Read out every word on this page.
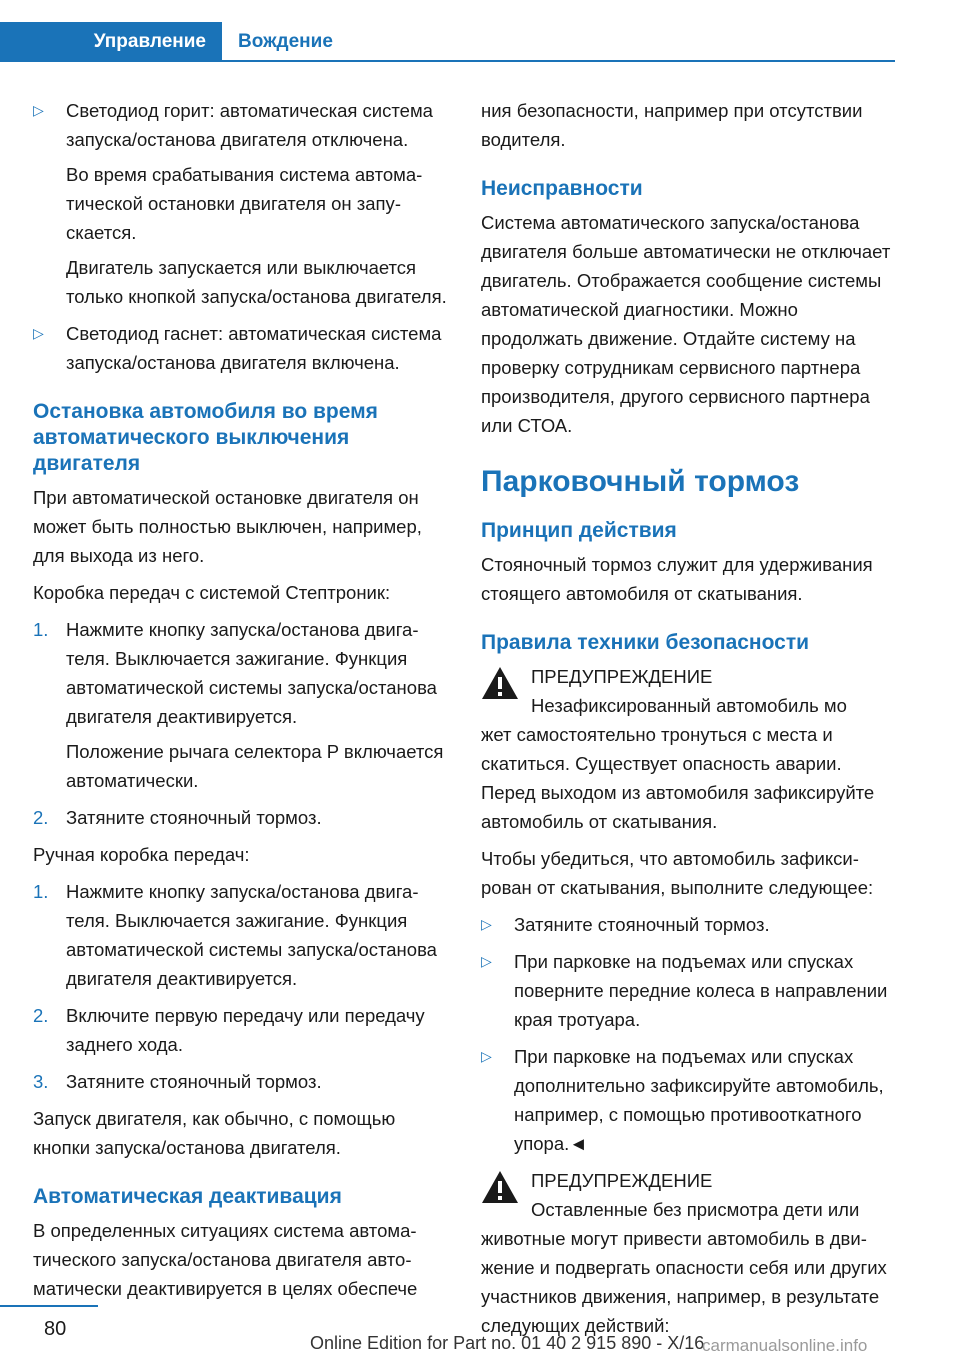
Управление	Вождение
▷ Светодиод горит: автоматическая система запуска/останова двигателя отключена.

Во время срабатывания система автоматической остановки двигателя он запускается.

Двигатель запускается или выключается только кнопкой запуска/останова двигателя.

▷ Светодиод гаснет: автоматическая система запуска/останова двигателя включена.

Остановка автомобиля во время автоматического выключения двигателя

При автоматической остановке двигателя он может быть полностью выключен, например, для выхода из него.

Коробка передач с системой Стептроник:

1. Нажмите кнопку запуска/останова двигателя. Выключается зажигание. Функция автоматической системы запуска/останова двигателя деактивируется.

Положение рычага селектора P включается автоматически.

2. Затяните стояночный тормоз.

Ручная коробка передач:

1. Нажмите кнопку запуска/останова двигателя. Выключается зажигание. Функция автоматической системы запуска/останова двигателя деактивируется.

2. Включите первую передачу или передачу заднего хода.

3. Затяните стояночный тормоз.

Запуск двигателя, как обычно, с помощью кнопки запуска/останова двигателя.

Автоматическая деактивация

В определенных ситуациях система автоматического запуска/останова двигателя автоматически деактивируется в целях обеспече

ния безопасности, например при отсутствии водителя.

Неисправности

Система автоматического запуска/останова двигателя больше автоматически не отключает двигатель. Отображается сообщение системы автоматической диагностики. Можно продолжать движение. Отдайте систему на проверку сотрудникам сервисного партнера производителя, другого сервисного партнера или СТОА.

Парковочный тормоз
Принцип действия

Стояночный тормоз служит для удерживания стоящего автомобиля от скатывания.

Правила техники безопасности

ПРЕДУПРЕЖДЕНИЕ

Незафиксированный автомобиль мо

жет самостоятельно тронуться с места и скатиться. Существует опасность аварии. Перед выходом из автомобиля зафиксируйте автомобиль от скатывания.

Чтобы убедиться, что автомобиль зафиксирован от скатывания, выполните следующее:

▷ Затяните стояночный тормоз.

▷ При парковке на подъемах или спусках поверните передние колеса в направлении края тротуара.

▷ При парковке на подъемах или спусках дополнительно зафиксируйте автомобиль, например, с помощью противооткатного упора.◄

ПРЕДУПРЕЖДЕНИЕ

Оставленные без присмотра дети или

животные могут привести автомобиль в движение и подвергать опасности себя или других участников движения, например, в результате следующих действий:

80
Online Edition for Part no. 01 40 2 915 890 - X/16
carmanualsonline.info
